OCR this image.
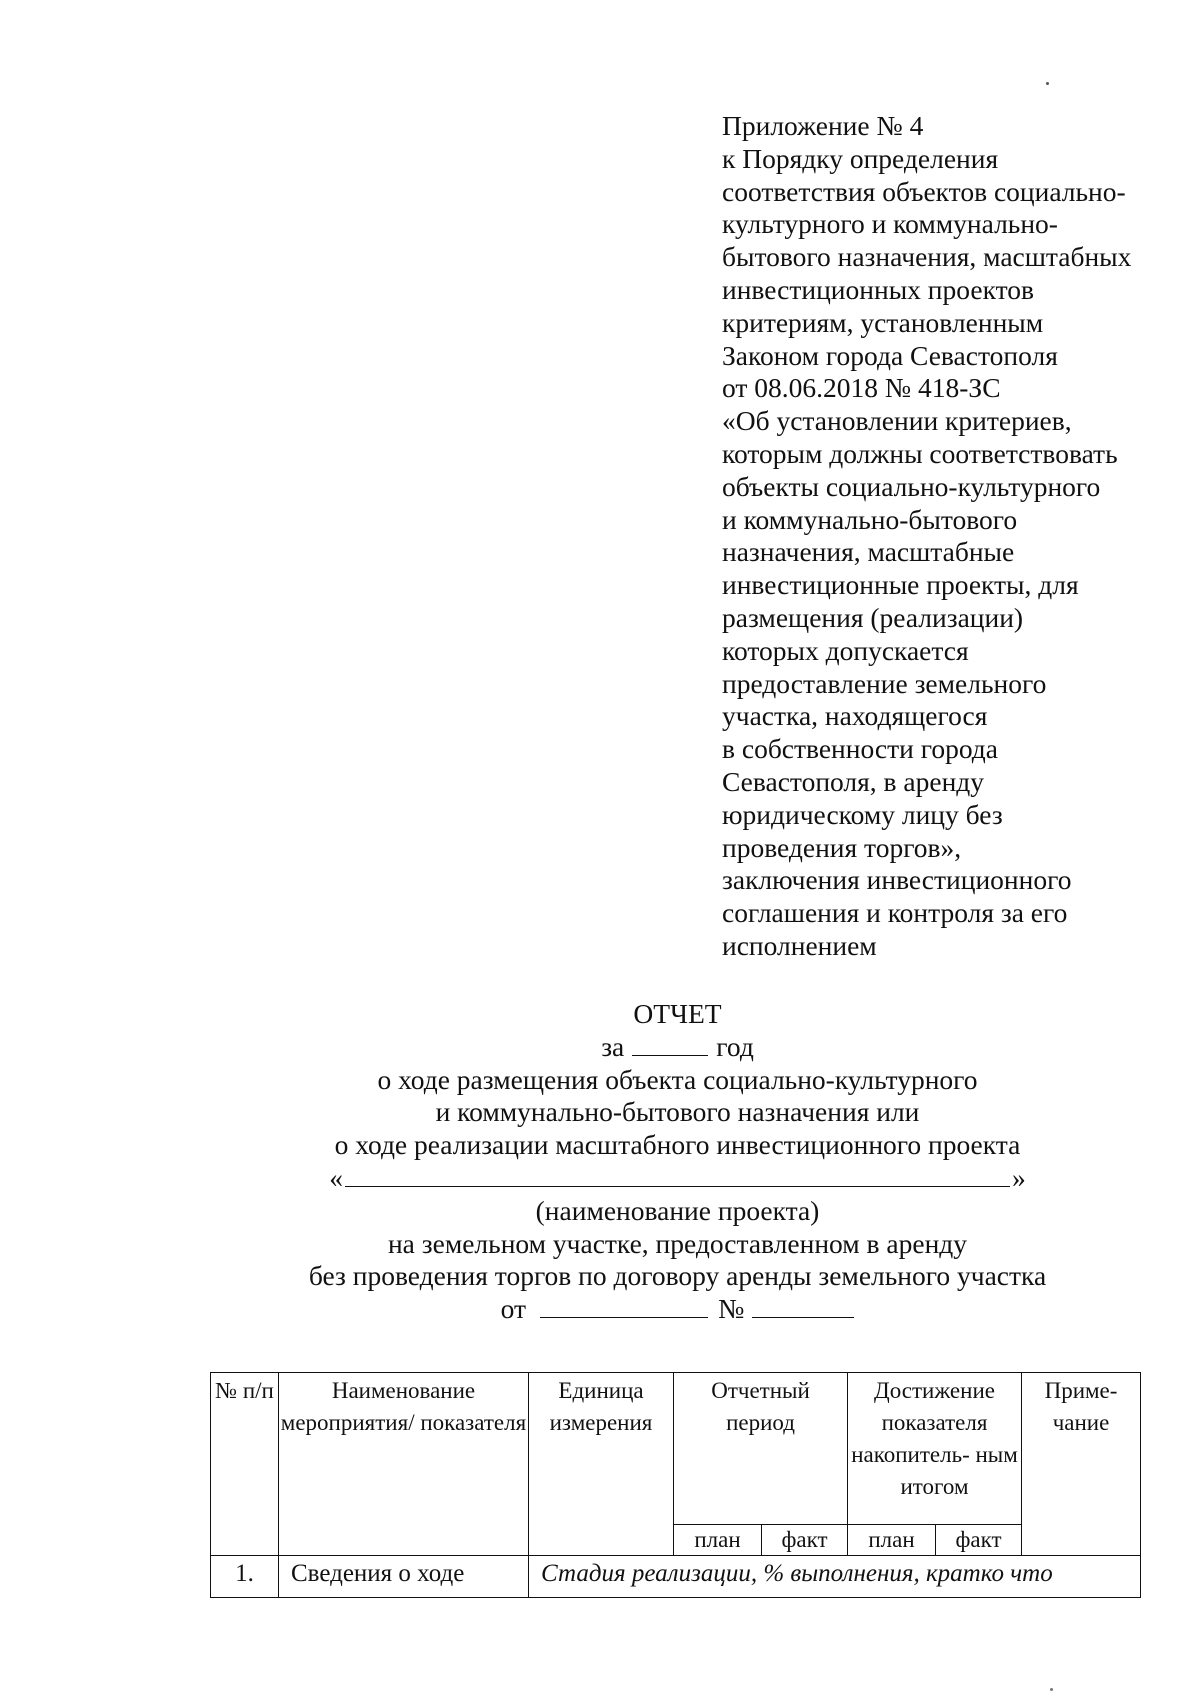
Приложение № 4
к Порядку определения
соответствия объектов социально-
культурного и коммунально-
бытового назначения, масштабных
инвестиционных проектов
критериям, установленным
Законом города Севастополя
от 08.06.2018 № 418-ЗС
«Об установлении критериев,
которым должны соответствовать
объекты социально-культурного
и коммунально-бытового
назначения, масштабные
инвестиционные проекты, для
размещения (реализации)
которых допускается
предоставление земельного
участка, находящегося
в собственности города
Севастополя, в аренду
юридическому лицу без
проведения торгов»,
заключения инвестиционного
соглашения и контроля за его
исполнением
ОТЧЕТ
за	год
о ходе размещения объекта социально-культурного
и коммунально-бытового назначения или
о ходе реализации масштабного инвестиционного проекта
«	»
(наименование проекта)
на земельном участке, предоставленном в аренду
без проведения торгов по договору аренды земельного участка
от	№
№ п/п	Наименование мероприятия/ показателя	Единица измерения	Отчетный период		Достижение показателя накопитель- ным итогом		Приме- чание
			план	факт	план	факт	
1.	Сведения о ходе	Стадия реализации, % выполнения, кратко что					
